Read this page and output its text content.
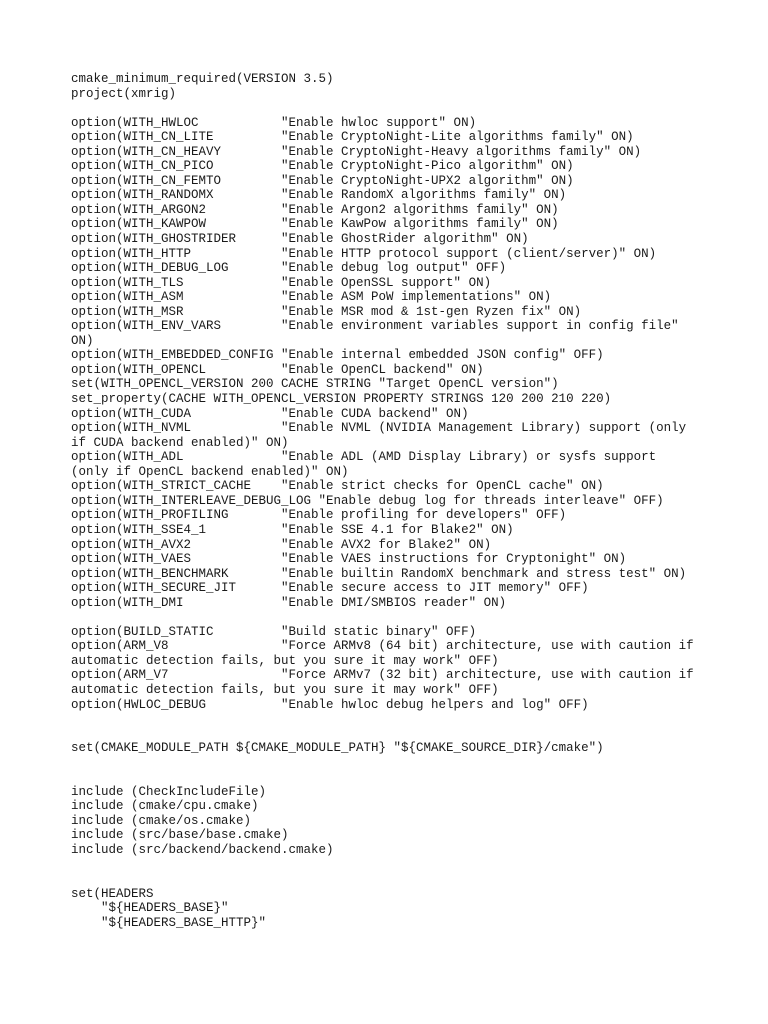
cmake_minimum_required(VERSION 3.5)
project(xmrig)
option(WITH_HWLOC           "Enable hwloc support" ON)
option(WITH_CN_LITE         "Enable CryptoNight-Lite algorithms family" ON)
option(WITH_CN_HEAVY        "Enable CryptoNight-Heavy algorithms family" ON)
option(WITH_CN_PICO         "Enable CryptoNight-Pico algorithm" ON)
option(WITH_CN_FEMTO        "Enable CryptoNight-UPX2 algorithm" ON)
option(WITH_RANDOMX         "Enable RandomX algorithms family" ON)
option(WITH_ARGON2          "Enable Argon2 algorithms family" ON)
option(WITH_KAWPOW          "Enable KawPow algorithms family" ON)
option(WITH_GHOSTRIDER      "Enable GhostRider algorithm" ON)
option(WITH_HTTP            "Enable HTTP protocol support (client/server)" ON)
option(WITH_DEBUG_LOG       "Enable debug log output" OFF)
option(WITH_TLS             "Enable OpenSSL support" ON)
option(WITH_ASM             "Enable ASM PoW implementations" ON)
option(WITH_MSR             "Enable MSR mod & 1st-gen Ryzen fix" ON)
option(WITH_ENV_VARS        "Enable environment variables support in config file"
ON)
option(WITH_EMBEDDED_CONFIG "Enable internal embedded JSON config" OFF)
option(WITH_OPENCL          "Enable OpenCL backend" ON)
set(WITH_OPENCL_VERSION 200 CACHE STRING "Target OpenCL version")
set_property(CACHE WITH_OPENCL_VERSION PROPERTY STRINGS 120 200 210 220)
option(WITH_CUDA            "Enable CUDA backend" ON)
option(WITH_NVML            "Enable NVML (NVIDIA Management Library) support (only
if CUDA backend enabled)" ON)
option(WITH_ADL             "Enable ADL (AMD Display Library) or sysfs support
(only if OpenCL backend enabled)" ON)
option(WITH_STRICT_CACHE    "Enable strict checks for OpenCL cache" ON)
option(WITH_INTERLEAVE_DEBUG_LOG "Enable debug log for threads interleave" OFF)
option(WITH_PROFILING       "Enable profiling for developers" OFF)
option(WITH_SSE4_1          "Enable SSE 4.1 for Blake2" ON)
option(WITH_AVX2            "Enable AVX2 for Blake2" ON)
option(WITH_VAES            "Enable VAES instructions for Cryptonight" ON)
option(WITH_BENCHMARK       "Enable builtin RandomX benchmark and stress test" ON)
option(WITH_SECURE_JIT      "Enable secure access to JIT memory" OFF)
option(WITH_DMI             "Enable DMI/SMBIOS reader" ON)
option(BUILD_STATIC         "Build static binary" OFF)
option(ARM_V8               "Force ARMv8 (64 bit) architecture, use with caution if
automatic detection fails, but you sure it may work" OFF)
option(ARM_V7               "Force ARMv7 (32 bit) architecture, use with caution if
automatic detection fails, but you sure it may work" OFF)
option(HWLOC_DEBUG          "Enable hwloc debug helpers and log" OFF)
set(CMAKE_MODULE_PATH ${CMAKE_MODULE_PATH} "${CMAKE_SOURCE_DIR}/cmake")
include (CheckIncludeFile)
include (cmake/cpu.cmake)
include (cmake/os.cmake)
include (src/base/base.cmake)
include (src/backend/backend.cmake)
set(HEADERS
"${HEADERS_BASE}"
"${HEADERS_BASE_HTTP}"
